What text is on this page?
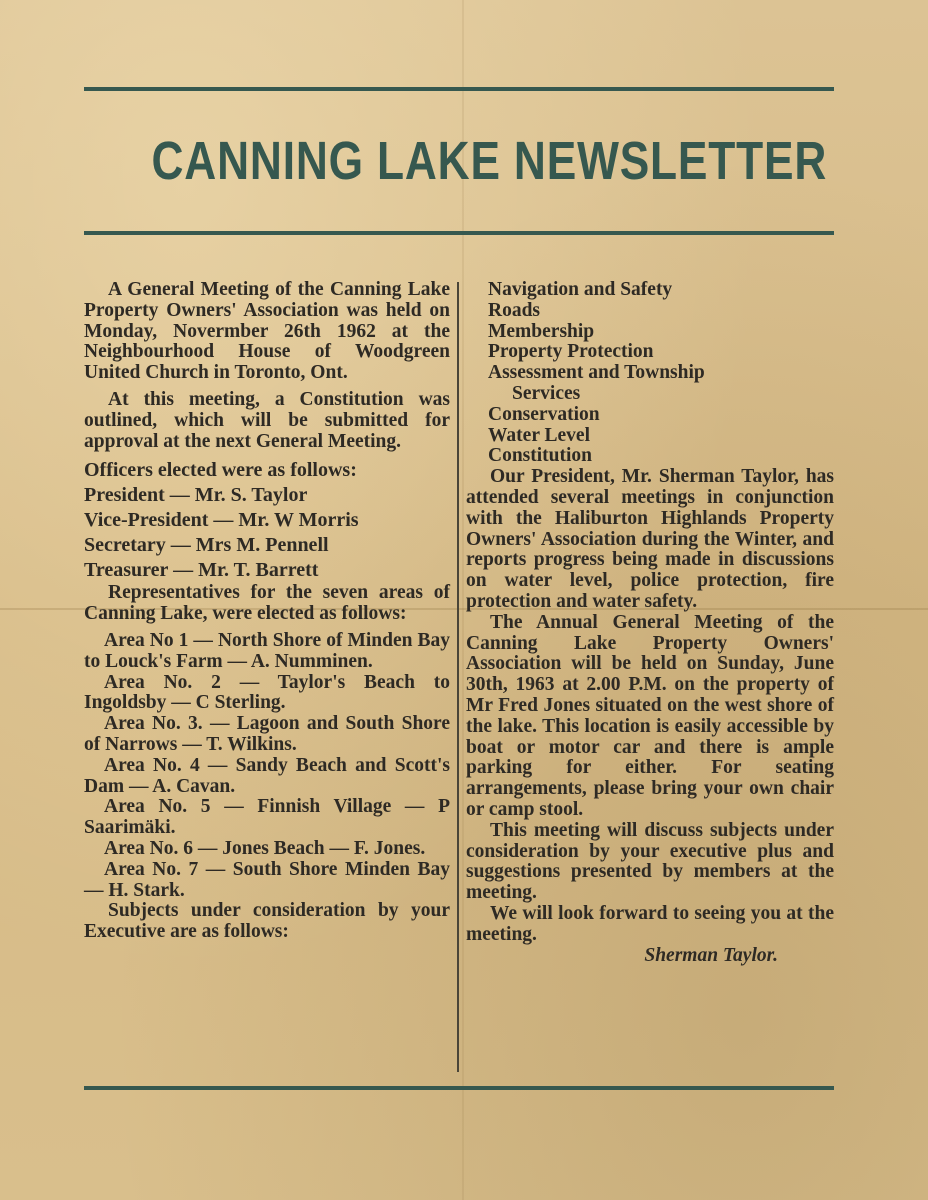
CANNING LAKE NEWSLETTER

A General Meeting of the Canning Lake Property Owners' Association was held on Monday, Novermber 26th 1962 at the Neighbourhood House of Woodgreen United Church in Toronto, Ont.

At this meeting, a Constitution was outlined, which will be submitted for approval at the next General Meeting.

Officers elected were as follows:

President — Mr. S. Taylor

Vice-President — Mr. W Morris

Secretary — Mrs M. Pennell

Treasurer — Mr. T. Barrett

Representatives for the seven areas of Canning Lake, were elected as follows:

Area No 1 — North Shore of Minden Bay to Louck's Farm — A. Numminen.

Area No. 2 — Taylor's Beach to Ingoldsby — C Sterling.

Area No. 3. — Lagoon and South Shore of Narrows — T. Wilkins.

Area No. 4 — Sandy Beach and Scott's Dam — A. Cavan.

Area No. 5 — Finnish Village — P Saarimäki.

Area No. 6 — Jones Beach — F. Jones.

Area No. 7 — South Shore Minden Bay — H. Stark.

Subjects under consideration by your Executive are as follows:

Navigation and Safety

Roads

Membership

Property Protection

Assessment and Township

Services

Conservation

Water Level

Constitution

Our President, Mr. Sherman Taylor, has attended several meetings in conjunction with the Haliburton Highlands Property Owners' Association during the Winter, and reports progress being made in discussions on water level, police protection, fire protection and water safety.

The Annual General Meeting of the Canning Lake Property Owners' Association will be held on Sunday, June 30th, 1963 at 2.00 P.M. on the property of Mr Fred Jones situated on the west shore of the lake. This location is easily accessible by boat or motor car and there is ample parking for either. For seating arrangements, please bring your own chair or camp stool.

This meeting will discuss subjects under consideration by your executive plus and suggestions presented by members at the meeting.

We will look forward to seeing you at the meeting.

Sherman Taylor.
